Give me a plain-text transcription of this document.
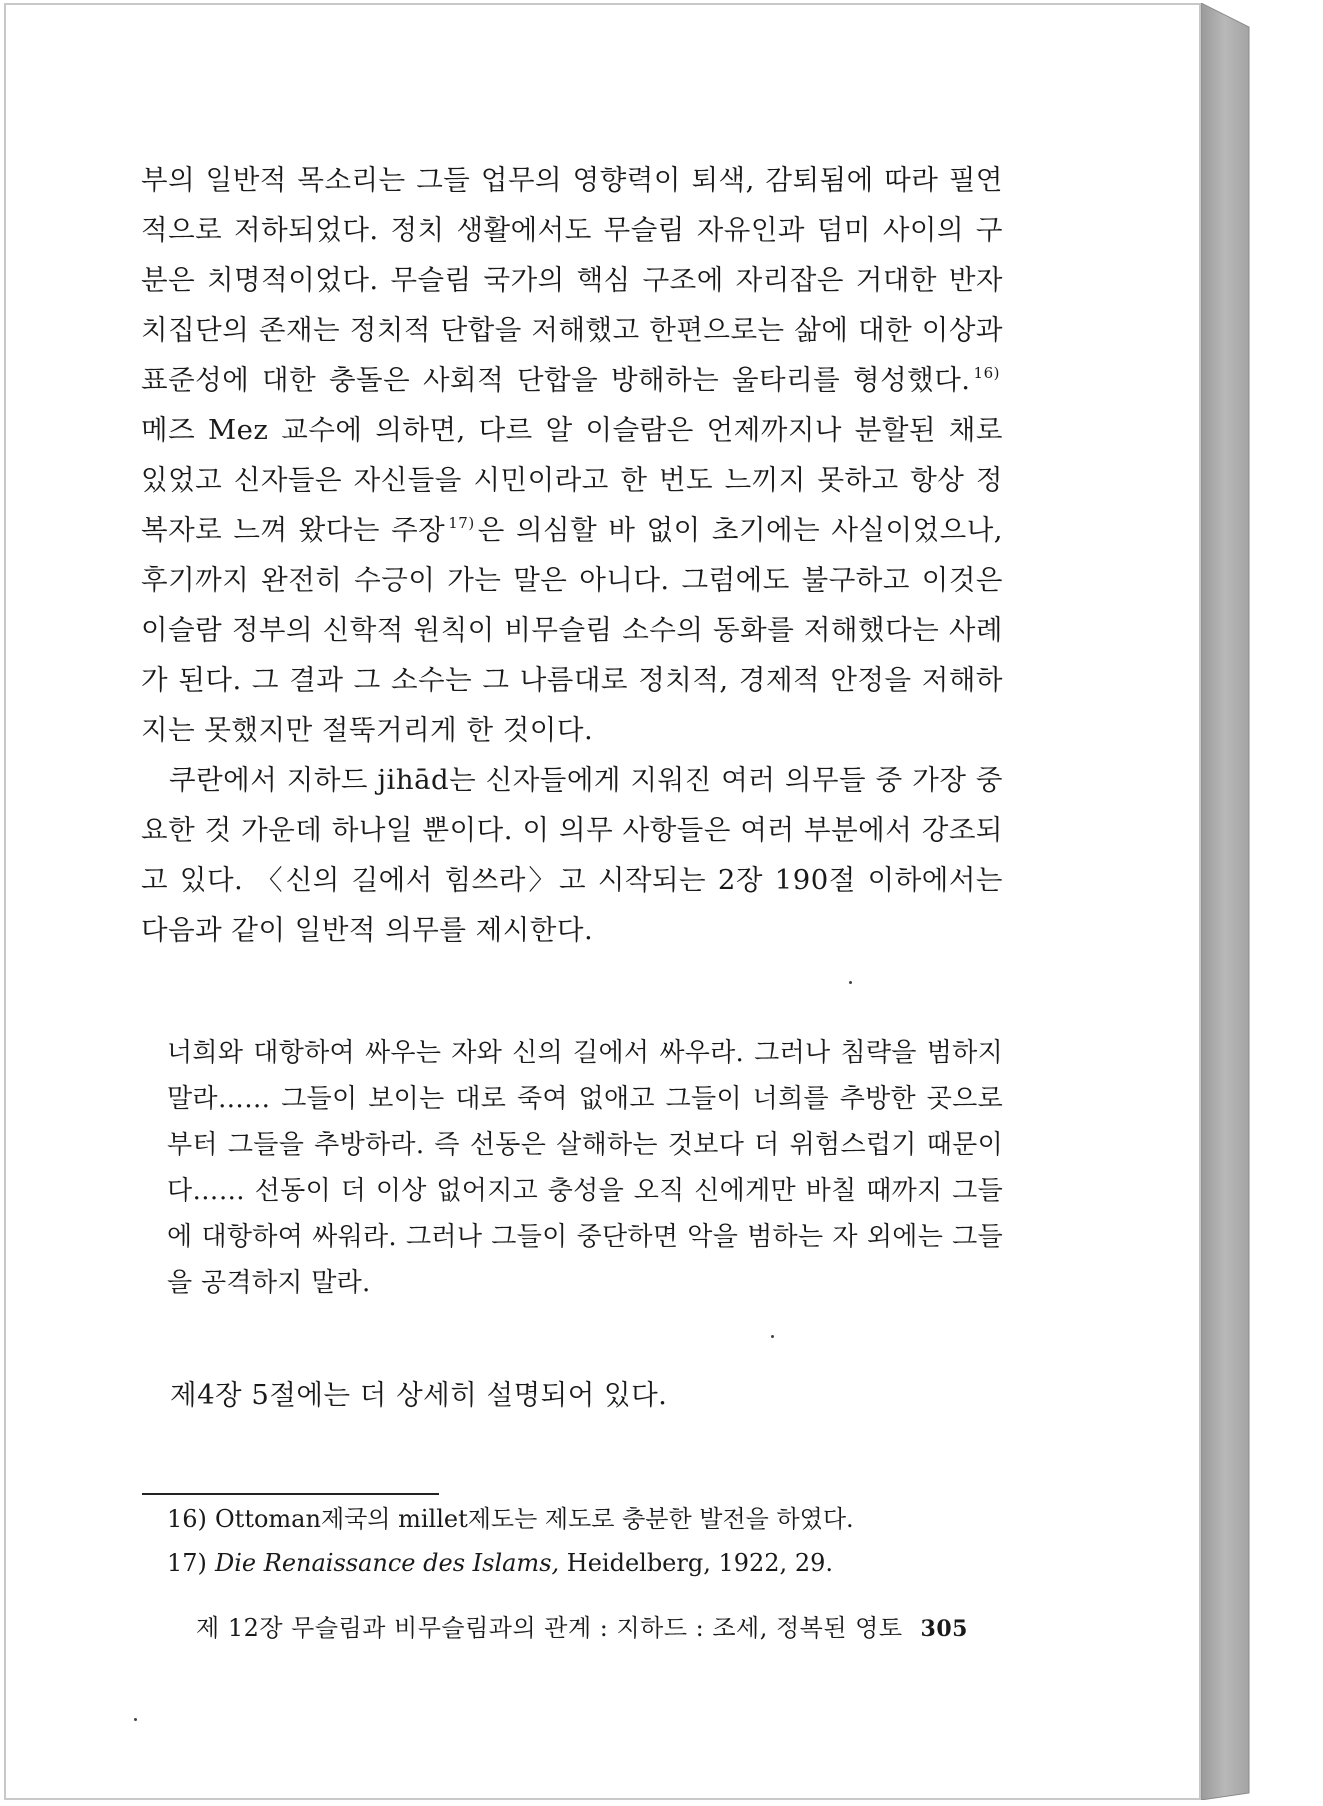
부의 일반적 목소리는 그들 업무의 영향력이 퇴색, 감퇴됨에 따라 필연적으로 저하되었다. 정치 생활에서도 무슬림 자유인과 덤미 사이의 구분은 치명적이었다. 무슬림 국가의 핵심 구조에 자리잡은 거대한 반자치집단의 존재는 정치적 단합을 저해했고 한편으로는 삶에 대한 이상과 표준성에 대한 충돌은 사회적 단합을 방해하는 울타리를 형성했다. $^{16)}$메즈 Mez 교수에 의하면, 다르 알 이슬람은 언제까지나 분할된 채로 있었고 신자들은 자신들을 시민이라고 한 번도 느끼지 못하고 항상 정복자로 느껴 왔다는 주장 $^{17)}$ 은 의심할 바 없이 초기에는 사실이었으나, 후기까지 완전히 수긍이 가는 말은 아니다. 그럼에도 불구하고 이것은 이슬람 정부의 신학적 원칙이 비무슬림 소수의 동화를 저해했다는 사례가 된다. 그 결과 그 소수는 그 나름대로 정치적, 경제적 안정을 저해하지는 못했지만 절뚝거리게 한 것이다.

쿠란에서 지하드 jihād는 신자들에게 지워진 여러 의무들 중 가장 중요한 것 가운데 하나일 뿐이다. 이 의무 사항들은 여러 부분에서 강조되고 있다. 〈신의 길에서 힘쓰라〉고 시작되는 2장 190절 이하에서는 다음과 같이 일반적 의무를 제시한다.

너희와 대항하여 싸우는 자와 신의 길에서 싸우라. 그러나 침략을 범하지 말라…… 그들이 보이는 대로 죽여 없애고 그들이 너희를 추방한 곳으로부터 그들을 추방하라. 즉 선동은 살해하는 것보다 더 위험스럽기 때문이다…… 선동이 더 이상 없어지고 충성을 오직 신에게만 바칠 때까지 그들에 대항하여 싸워라. 그러나 그들이 중단하면 악을 범하는 자 외에는 그들을 공격하지 말라.

제4장 5절에는 더 상세히 설명되어 있다.

16) Ottoman제국의 millet제도는 제도로 충분한 발전을 하였다.
17) Die Renaissance des Islams, Heidelberg, 1922, 29.
제 12장 무슬림과 비무슬림과의 관계 : 지하드 : 조세, 정복된 영토 305
